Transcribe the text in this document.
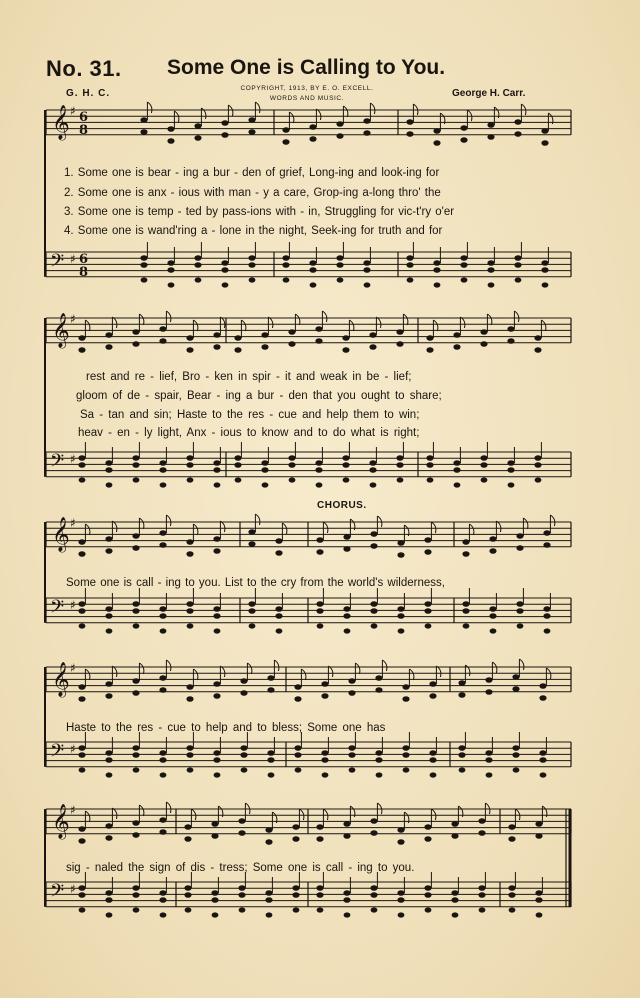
𝄞 ♯ 6
8
𝄢 ♯ 6
8
𝄞 ♯
𝄢 ♯
𝄞 ♯
𝄢 ♯
𝄞 ♯
𝄢 ♯
𝄞 ♯
𝄢 ♯
No. 31. Some One is Calling to You.
G. H. C.	COPYRIGHT, 1913, BY E. O. EXCELL.
WORDS AND MUSIC.	George H. Carr.
1. Some one is bear - ing a bur - den of grief, Long-ing and look-ing for
2. Some one is anx - ious with man - y a care, Grop-ing a-long thro' the
3. Some one is temp - ted by pass-ions with - in, Struggling for vic-t'ry o'er
4. Some one is wand'ring a - lone in the night, Seek-ing for truth and for
rest and re - lief, Bro - ken in spir - it and weak in be - lief;
gloom of de - spair, Bear - ing a bur - den that you ought to share;
Sa - tan and sin; Haste to the res - cue and help them to win;
heav - en - ly light, Anx - ious to know and to do what is right;
CHORUS.
Some one is call - ing to you. List to the cry from the world's wilderness,
Haste to the res - cue to help and to bless; Some one has
sig - naled the sign of dis - tress; Some one is call - ing to you.
